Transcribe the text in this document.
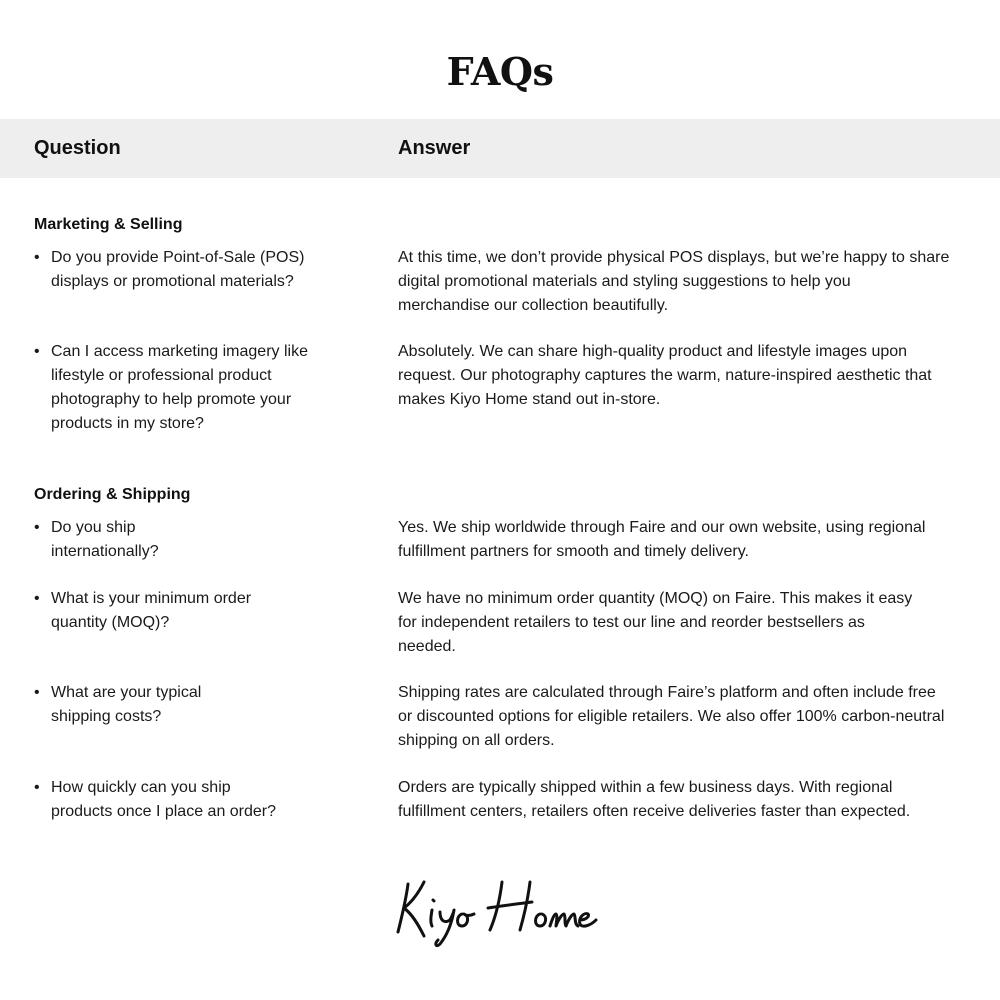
FAQs
Question	Answer
Marketing & Selling
• Do you provide Point-of-Sale (POS)
displays or promotional materials?
At this time, we don’t provide physical POS displays, but we’re happy to share
digital promotional materials and styling suggestions to help you
merchandise our collection beautifully.
• Can I access marketing imagery like
lifestyle or professional product
photography to help promote your
products in my store?
Absolutely. We can share high-quality product and lifestyle images upon
request. Our photography captures the warm, nature-inspired aesthetic that
makes Kiyo Home stand out in-store.
Ordering & Shipping
• Do you ship
internationally?
Yes. We ship worldwide through Faire and our own website, using regional
fulfillment partners for smooth and timely delivery.
• What is your minimum order
quantity (MOQ)?
We have no minimum order quantity (MOQ) on Faire. This makes it easy
for independent retailers to test our line and reorder bestsellers as
needed.
• What are your typical
shipping costs?
Shipping rates are calculated through Faire’s platform and often include free
or discounted options for eligible retailers. We also offer 100% carbon-neutral
shipping on all orders.
• How quickly can you ship
products once I place an order?
Orders are typically shipped within a few business days. With regional
fulfillment centers, retailers often receive deliveries faster than expected.
